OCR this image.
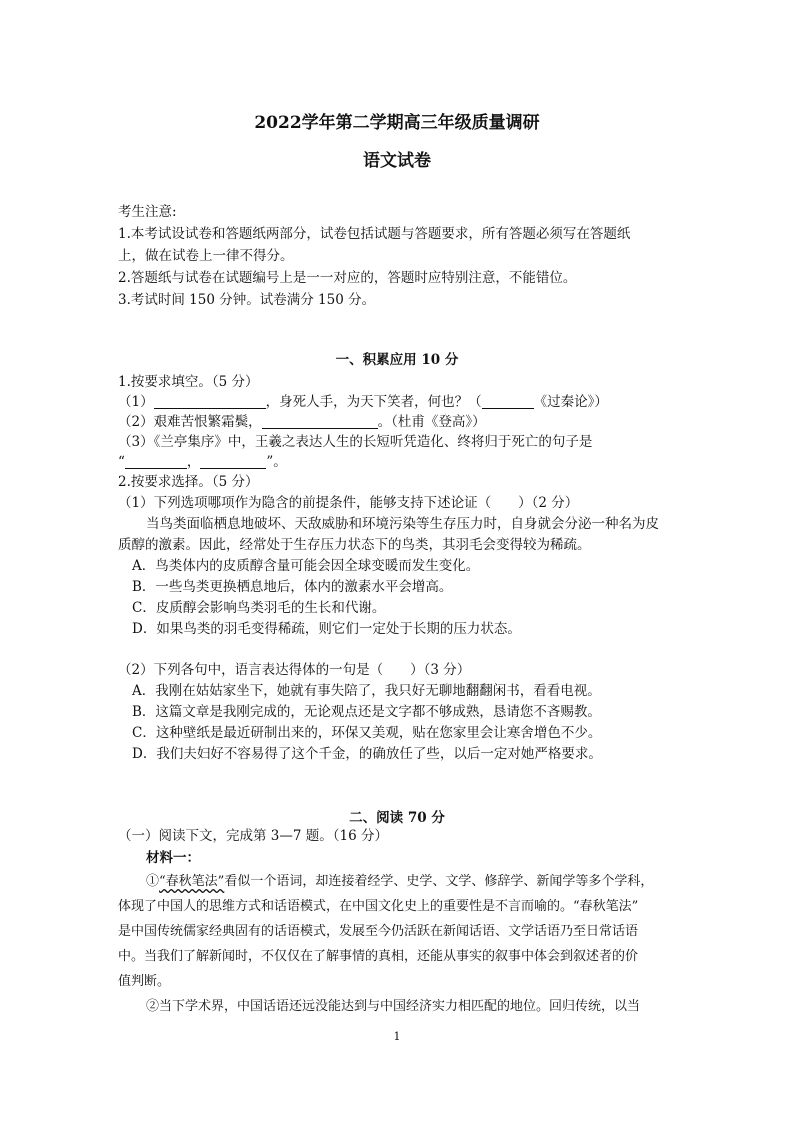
2022学年第二学期高三年级质量调研
语文试卷
考生注意:
1.本考试设试卷和答题纸两部分，试卷包括试题与答题要求，所有答题必须写在答题纸
上，做在试卷上一律不得分。
2.答题纸与试卷在试题编号上是一一对应的，答题时应特别注意，不能错位。
3.考试时间 150 分钟。试卷满分 150 分。
一、积累应用 10 分
1.按要求填空。（5 分）
（1）	，身死人手，为天下笑者，何也？（	《过秦论》）
（2）艰难苦恨繁霜鬓，	。（杜甫《登高》）
（3）《兰亭集序》中，王羲之表达人生的长短听凭造化、终将归于死亡的句子是
“	，	”。
2.按要求选择。（5 分）
（1）下列选项哪项作为隐含的前提条件，能够支持下述论证（　　）（2 分）
当鸟类面临栖息地破坏、天敌威胁和环境污染等生存压力时，自身就会分泌一种名为皮
质醇的激素。因此，经常处于生存压力状态下的鸟类，其羽毛会变得较为稀疏。
A．鸟类体内的皮质醇含量可能会因全球变暖而发生变化。
B．一些鸟类更换栖息地后，体内的激素水平会增高。
C．皮质醇会影响鸟类羽毛的生长和代谢。
D．如果鸟类的羽毛变得稀疏，则它们一定处于长期的压力状态。
（2）下列各句中，语言表达得体的一句是（　　）（3 分）
A．我刚在姑姑家坐下，她就有事失陪了，我只好无聊地翻翻闲书，看看电视。
B．这篇文章是我刚完成的，无论观点还是文字都不够成熟，恳请您不吝赐教。
C．这种壁纸是最近研制出来的，环保又美观，贴在您家里会让寒舍增色不少。
D．我们夫妇好不容易得了这个千金，的确放任了些，以后一定对她严格要求。
二、阅读 70 分
（一）阅读下文，完成第 3—7 题。（16 分）
材料一：
①“春秋笔法”看似一个语词，却连接着经学、史学、文学、修辞学、新闻学等多个学科，
体现了中国人的思维方式和话语模式，在中国文化史上的重要性是不言而喻的。“春秋笔法”
是中国传统儒家经典固有的话语模式，发展至今仍活跃在新闻话语、文学话语乃至日常话语
中。当我们了解新闻时，不仅仅在了解事情的真相，还能从事实的叙事中体会到叙述者的价
值判断。
②当下学术界，中国话语还远没能达到与中国经济实力相匹配的地位。回归传统，以当
1
